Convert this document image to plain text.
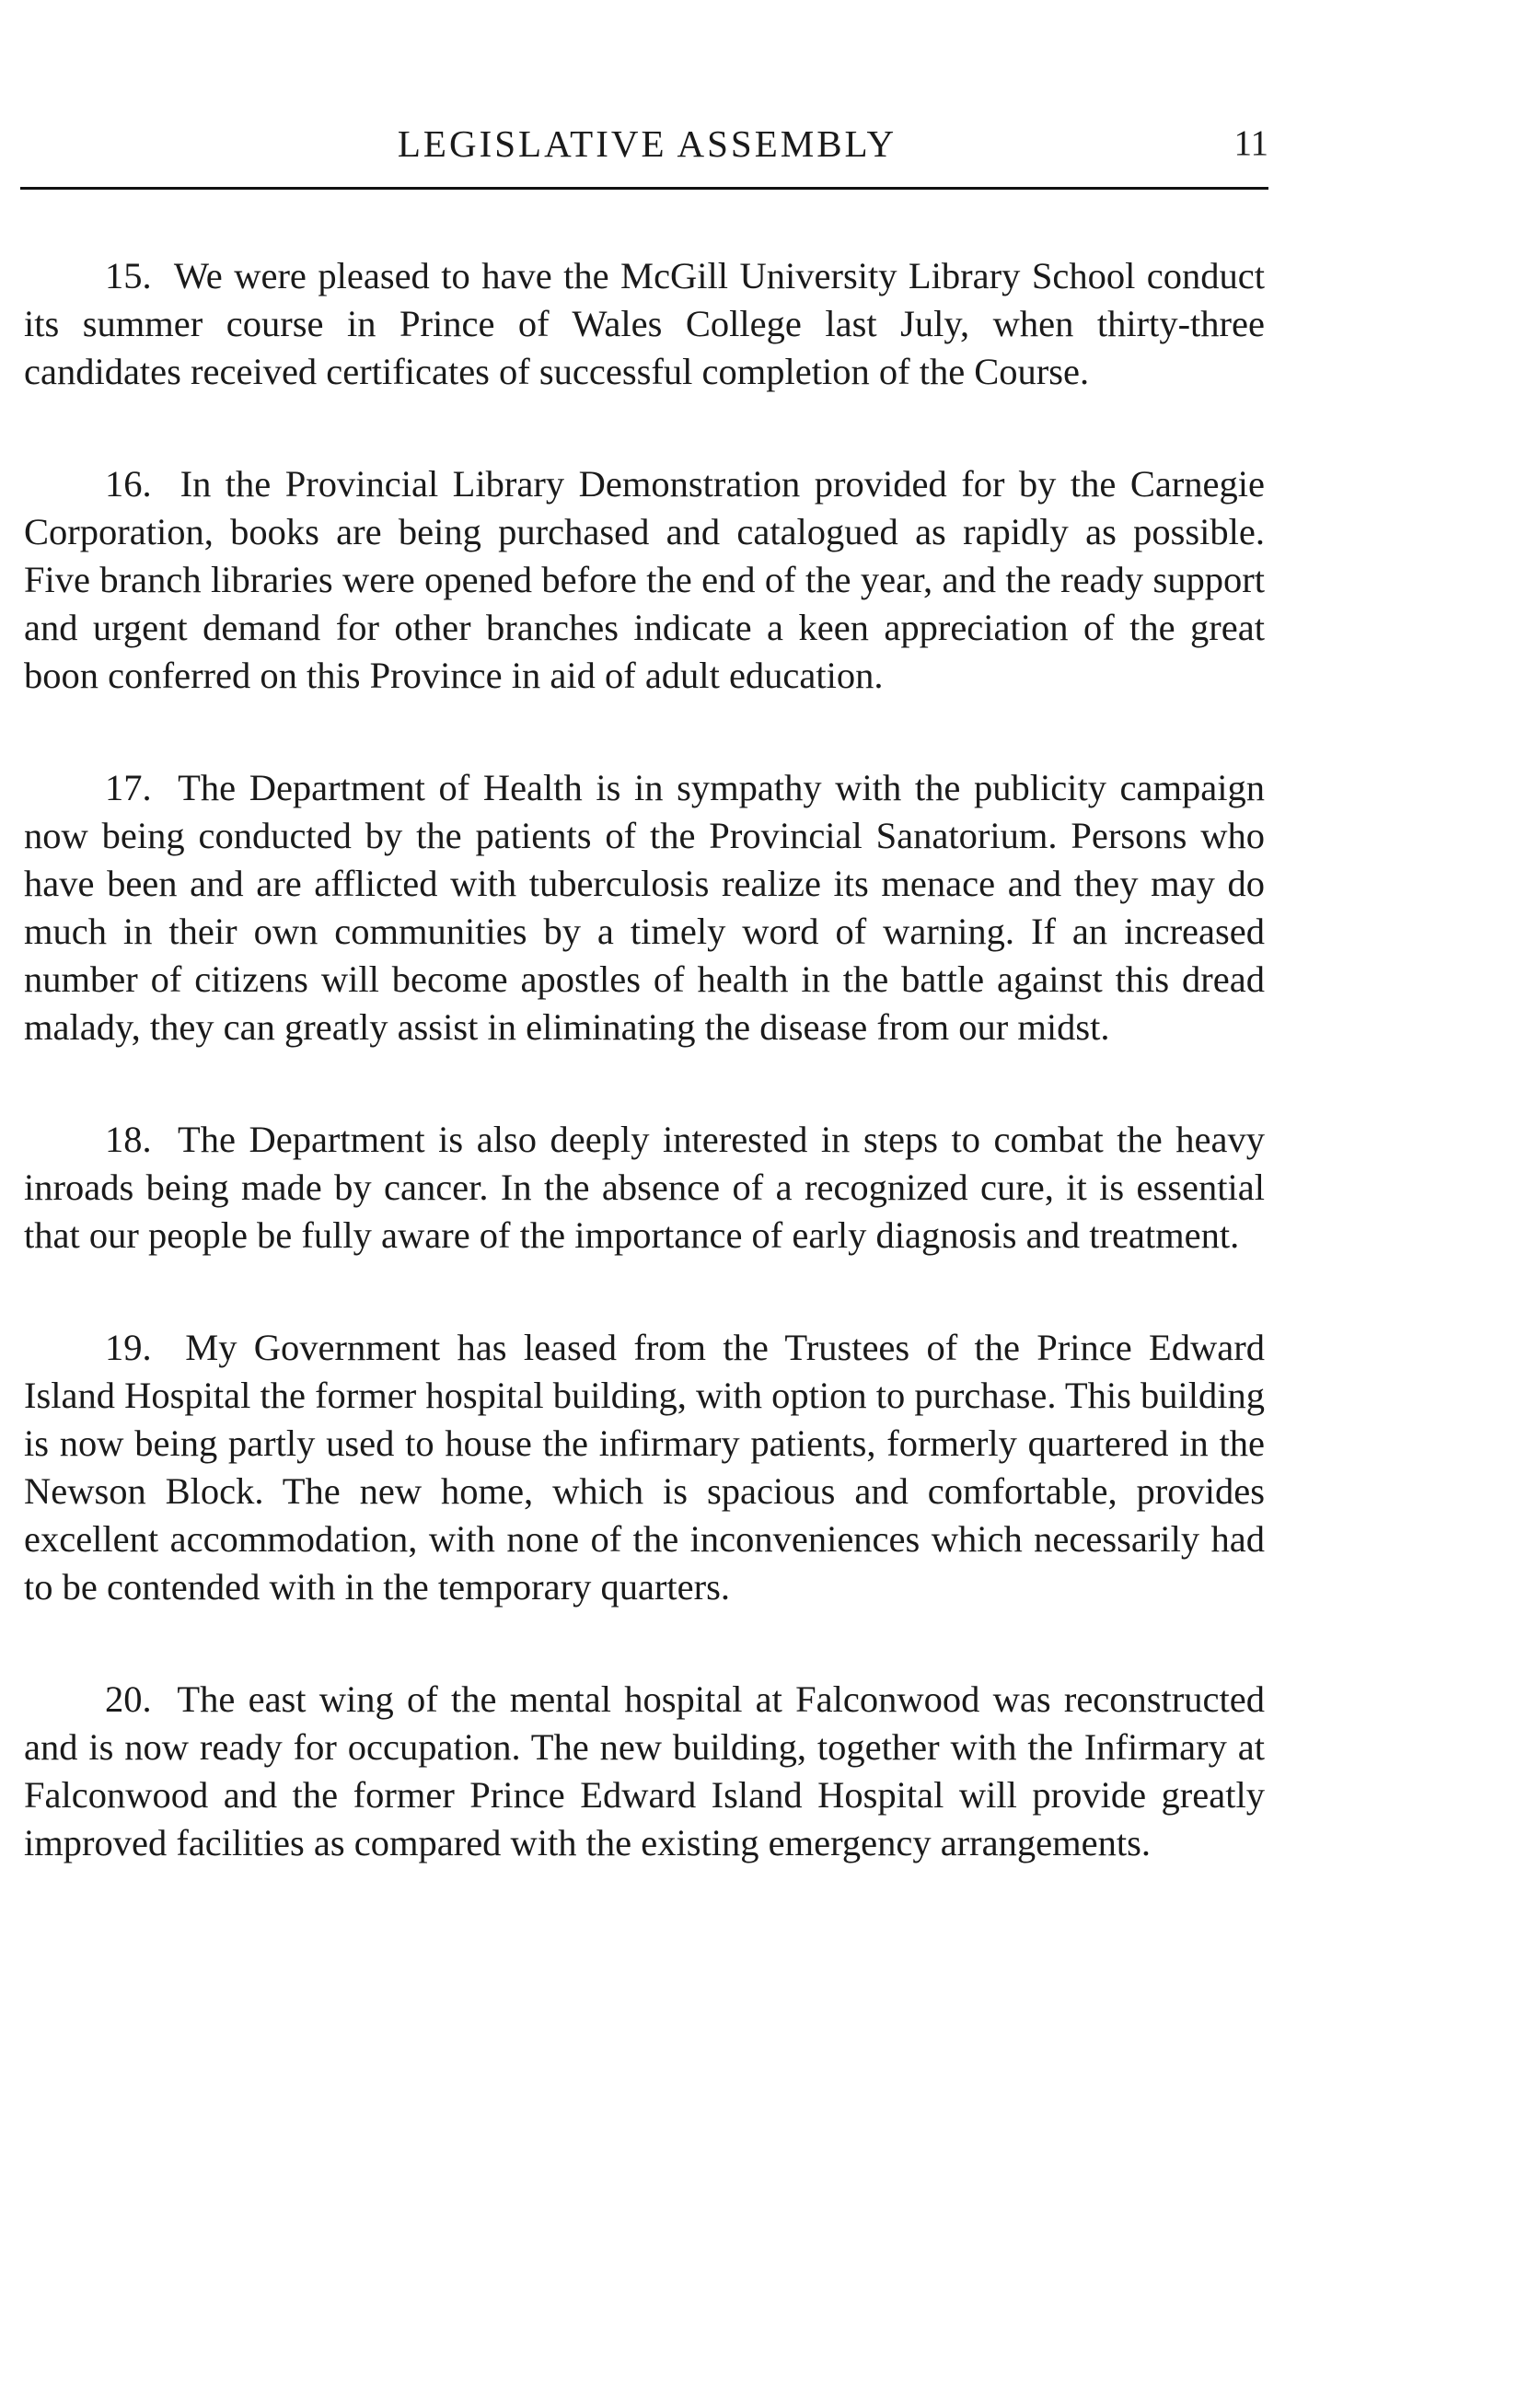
LEGISLATIVE ASSEMBLY	11

15. We were pleased to have the McGill University Library School conduct its summer course in Prince of Wales College last July, when thirty-three candidates received certificates of successful completion of the Course.

16. In the Provincial Library Demonstration provided for by the Carnegie Corporation, books are being purchased and catalogued as rapidly as possible. Five branch libraries were opened before the end of the year, and the ready support and urgent demand for other branches indicate a keen appreciation of the great boon conferred on this Province in aid of adult education.

17. The Department of Health is in sympathy with the publicity campaign now being conducted by the patients of the Provincial Sanatorium. Persons who have been and are afflicted with tuberculosis realize its menace and they may do much in their own communities by a timely word of warning. If an increased number of citizens will become apostles of health in the battle against this dread malady, they can greatly assist in eliminating the disease from our midst.

18. The Department is also deeply interested in steps to combat the heavy inroads being made by cancer. In the absence of a recognized cure, it is essential that our people be fully aware of the importance of early diagnosis and treatment.

19. My Government has leased from the Trustees of the Prince Edward Island Hospital the former hospital building, with option to purchase. This building is now being partly used to house the infirmary patients, formerly quartered in the Newson Block. The new home, which is spacious and comfortable, provides excellent accommodation, with none of the inconveniences which necessarily had to be contended with in the temporary quarters.

20. The east wing of the mental hospital at Falconwood was reconstructed and is now ready for occupation. The new building, together with the Infirmary at Falconwood and the former Prince Edward Island Hospital will provide greatly improved facilities as compared with the existing emergency arrangements.
